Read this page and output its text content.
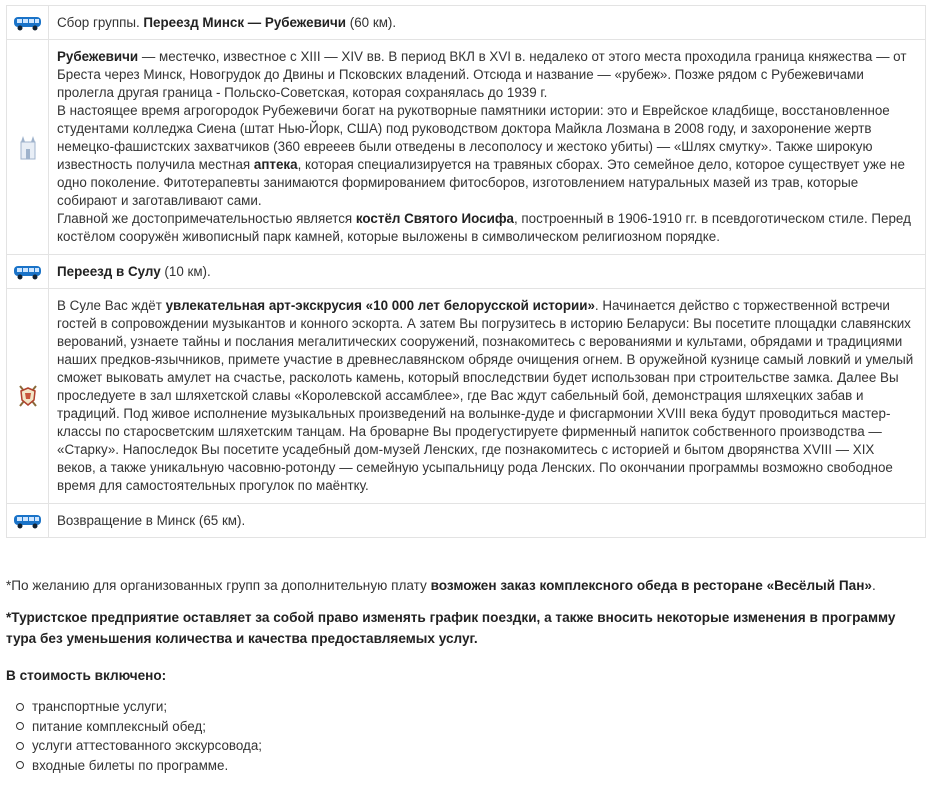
Сбор группы. Переезд Минск — Рубежевичи (60 км).
Рубежевичи — местечко, известное с XIII — XIV вв. В период ВКЛ в XVI в. недалеко от этого места проходила граница княжества — от Бреста через Минск, Новогрудок до Двины и Псковских владений. Отсюда и название — «рубеж». Позже рядом с Рубежевичами пролегла другая граница - Польско-Советская, которая сохранялась до 1939 г.
В настоящее время агрогородок Рубежевичи богат на рукотворные памятники истории: это и Еврейское кладбище, восстановленное студентами колледжа Сиена (штат Нью-Йорк, США) под руководством доктора Майкла Лозмана в 2008 году, и захоронение жертв немецко-фашистских захватчиков (360 еврееев были отведены в лесополосу и жестоко убиты) — «Шлях смутку». Также широкую известность получила местная аптека, которая специализируется на травяных сборах. Это семейное дело, которое существует уже не одно поколение. Фитотерапевты занимаются формированием фитосборов, изготовлением натуральных мазей из трав, которые собирают и заготавливают сами.
Главной же достопримечательностью является костёл Святого Иосифа, построенный в 1906-1910 гг. в псевдоготическом стиле. Перед костёлом сооружён живописный парк камней, которые выложены в символическом религиозном порядке.
Переезд в Сулу (10 км).
В Суле Вас ждёт увлекательная арт-экскрусия «10 000 лет белорусской истории». Начинается действо с торжественной встречи гостей в сопровождении музыкантов и конного эскорта. А затем Вы погрузитесь в историю Беларуси: Вы посетите площадки славянских верований, узнаете тайны и послания мегалитических сооружений, познакомитесь с верованиями и культами, обрядами и традициями наших предков-язычников, примете участие в древнеславянском обряде очищения огнем. В оружейной кузнице самый ловкий и умелый сможет выковать амулет на счастье, расколоть камень, который впоследствии будет использован при строительстве замка. Далее Вы проследуете в зал шляхетской славы «Королевской ассамблее», где Вас ждут сабельный бой, демонстрация шляхецких забав и традиций. Под живое исполнение музыкальных произведений на волынке-дуде и фисгармонии XVIII века будут проводиться мастер-классы по старосветским шляхетским танцам. На броварне Вы продегустируете фирменный напиток собственного производства — «Старку». Напоследок Вы посетите усадебный дом-музей Ленских, где познакомитесь с историей и бытом дворянства XVIII — XIX веков, а также уникальную часовню-ротонду — семейную усыпальницу рода Ленских. По окончании программы возможно свободное время для самостоятельных прогулок по маёнтку.
Возвращение в Минск (65 км).

*По желанию для организованных групп за дополнительную плату возможен заказ комплексного обеда в ресторане «Весёлый Пан».

*Туристское предприятие оставляет за собой право изменять график поездки, а также вносить некоторые изменения в программу тура без уменьшения количества и качества предоставляемых услуг.

В стоимость включено:

транспортные услуги;
питание комплексный обед;
услуги аттестованного экскурсовода;
входные билеты по программе.
